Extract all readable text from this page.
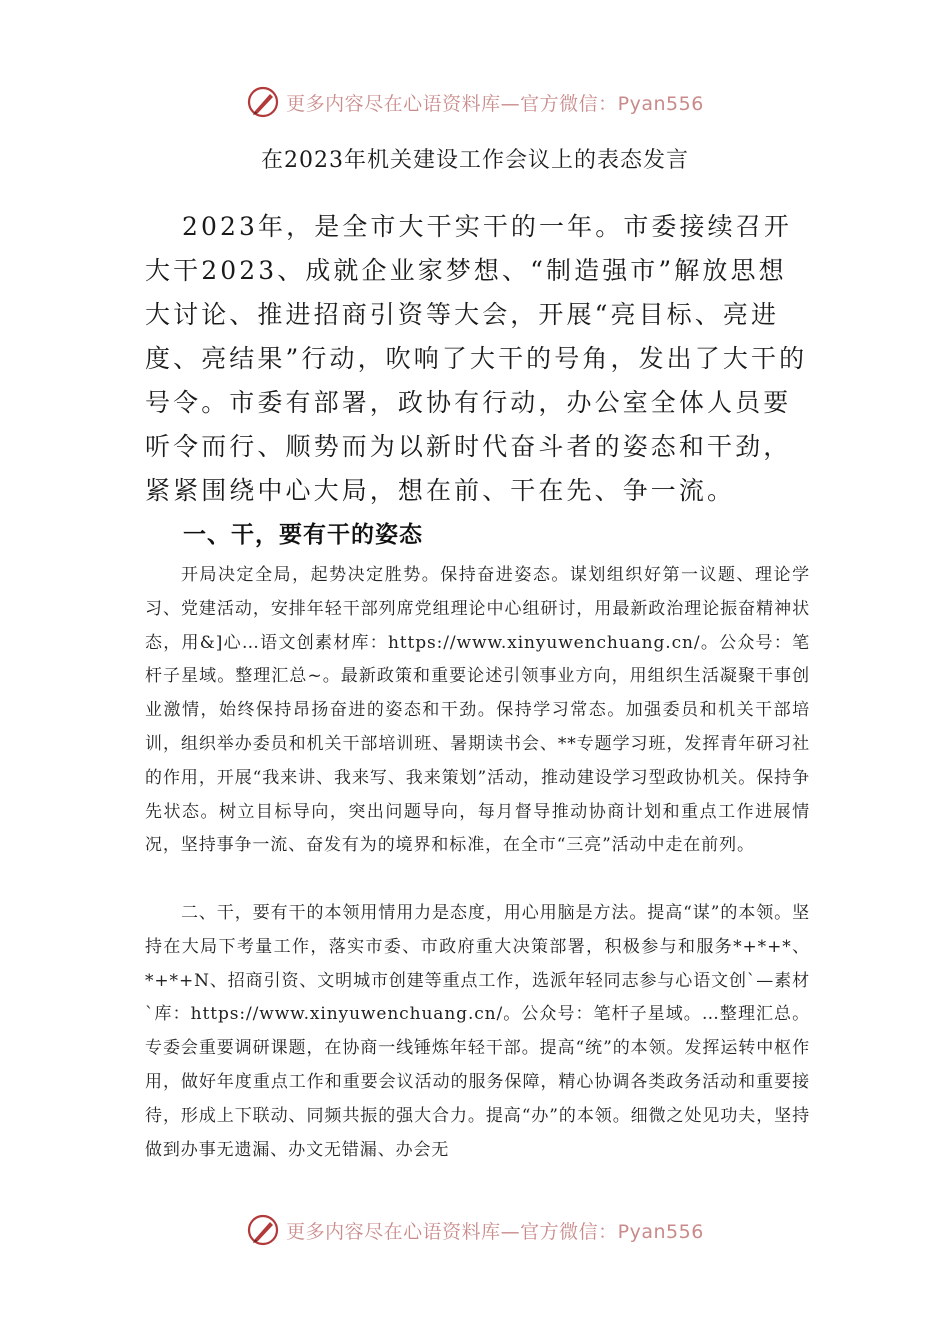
更多内容尽在心语资料库—官方微信：Pyan556
在2023年机关建设工作会议上的表态发言

2023年，是全市大干实干的一年。市委接续召开大干2023、成就企业家梦想、“制造强市”解放思想大讨论、推进招商引资等大会，开展“亮目标、亮进度、亮结果”行动，吹响了大干的号角，发出了大干的号令。市委有部署，政协有行动，办公室全体人员要听令而行、顺势而为以新时代奋斗者的姿态和干劲，紧紧围绕中心大局，想在前、干在先、争一流。

一、干，要有干的姿态

开局决定全局，起势决定胜势。保持奋进姿态。谋划组织好第一议题、理论学习、党建活动，安排年轻干部列席党组理论中心组研讨，用最新政治理论振奋精神状态，用&]心…语文创素材库：https://www.xinyuwenchuang.cn/。公众号：笔杆子星域。整理汇总~。最新政策和重要论述引领事业方向，用组织生活凝聚干事创业激情，始终保持昂扬奋进的姿态和干劲。保持学习常态。加强委员和机关干部培训，组织举办委员和机关干部培训班、暑期读书会、**专题学习班，发挥青年研习社的作用，开展“我来讲、我来写、我来策划”活动，推动建设学习型政协机关。保持争先状态。树立目标导向，突出问题导向，每月督导推动协商计划和重点工作进展情况，坚持事争一流、奋发有为的境界和标准，在全市“三亮”活动中走在前列。

二、干，要有干的本领用情用力是态度，用心用脑是方法。提高“谋”的本领。坚持在大局下考量工作，落实市委、市政府重大决策部署，积极参与和服务*+*+*、*+*+N、招商引资、文明城市创建等重点工作，选派年轻同志参与心语文创`—素材`库：https://www.xinyuwenchuang.cn/。公众号：笔杆子星域。…整理汇总。专委会重要调研课题，在协商一线锤炼年轻干部。提高“统”的本领。发挥运转中枢作用，做好年度重点工作和重要会议活动的服务保障，精心协调各类政务活动和重要接待，形成上下联动、同频共振的强大合力。提高“办”的本领。细微之处见功夫，坚持做到办事无遗漏、办文无错漏、办会无

更多内容尽在心语资料库—官方微信：Pyan556
